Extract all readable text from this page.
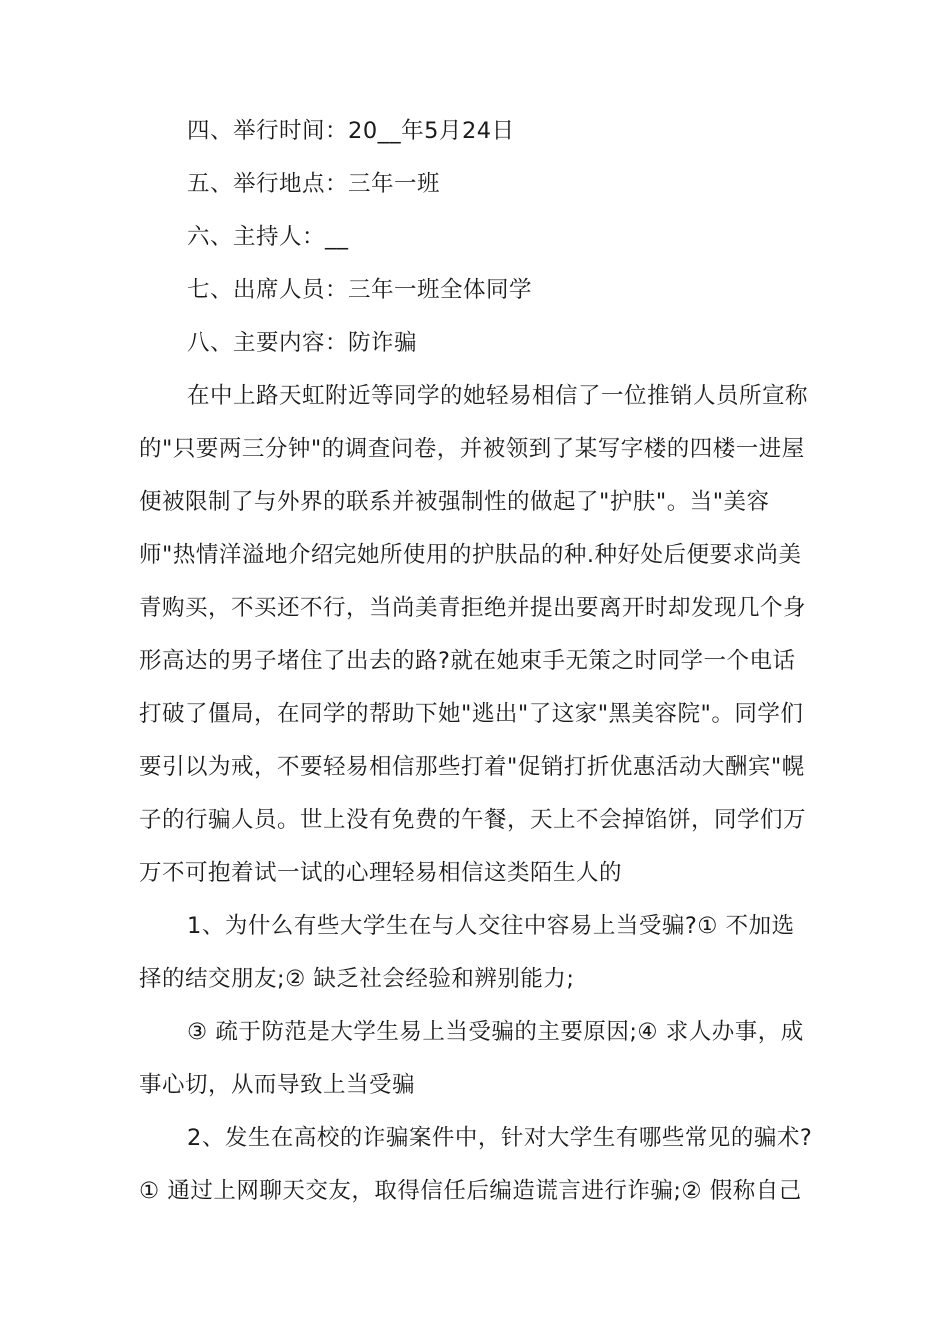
四、举行时间：20__年5月24日
五、举行地点：三年一班
六、主持人：__
七、出席人员：三年一班全体同学
八、主要内容：防诈骗
在中上路天虹附近等同学的她轻易相信了一位推销人员所宣称
的"只要两三分钟"的调查问卷，并被领到了某写字楼的四楼一进屋
便被限制了与外界的联系并被强制性的做起了"护肤"。当"美容
师"热情洋溢地介绍完她所使用的护肤品的种.种好处后便要求尚美
青购买，不买还不行，当尚美青拒绝并提出要离开时却发现几个身
形高达的男子堵住了出去的路?就在她束手无策之时同学一个电话
打破了僵局，在同学的帮助下她"逃出"了这家"黑美容院"。同学们
要引以为戒，不要轻易相信那些打着"促销打折优惠活动大酬宾"幌
子的行骗人员。世上没有免费的午餐，天上不会掉馅饼，同学们万
万不可抱着试一试的心理轻易相信这类陌生人的
1、为什么有些大学生在与人交往中容易上当受骗?① 不加选
择的结交朋友;② 缺乏社会经验和辨别能力;
③ 疏于防范是大学生易上当受骗的主要原因;④ 求人办事，成
事心切，从而导致上当受骗
2、发生在高校的诈骗案件中，针对大学生有哪些常见的骗术?
① 通过上网聊天交友，取得信任后编造谎言进行诈骗;② 假称自己
